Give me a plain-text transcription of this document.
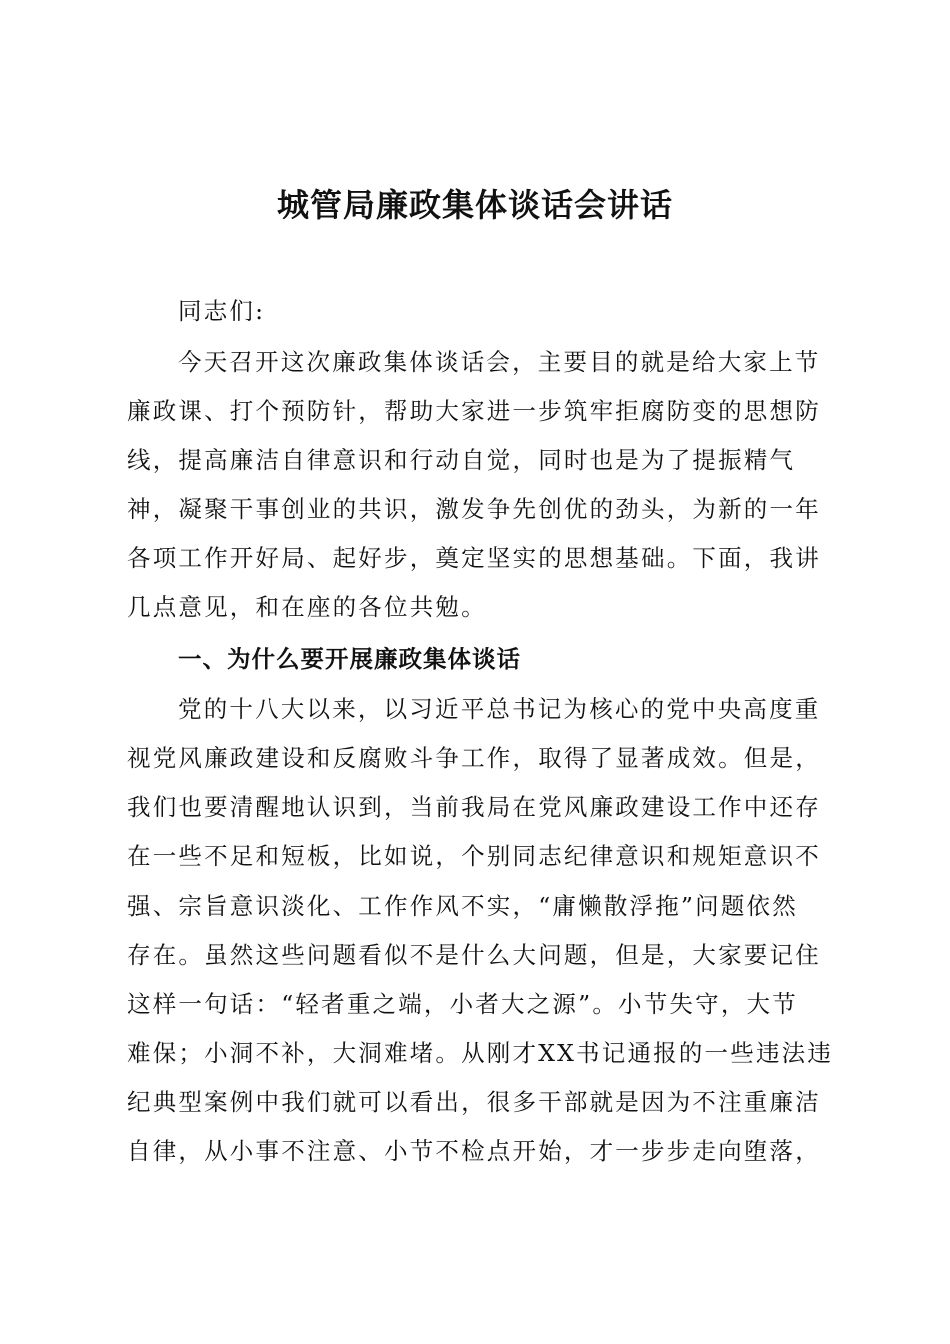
城管局廉政集体谈话会讲话
同志们:
今天召开这次廉政集体谈话会，主要目的就是给大家上节
廉政课、打个预防针，帮助大家进一步筑牢拒腐防变的思想防
线，提高廉洁自律意识和行动自觉，同时也是为了提振精气
神，凝聚干事创业的共识，激发争先创优的劲头，为新的一年
各项工作开好局、起好步，奠定坚实的思想基础。下面，我讲
几点意见，和在座的各位共勉。
一、为什么要开展廉政集体谈话
党的十八大以来，以习近平总书记为核心的党中央高度重
视党风廉政建设和反腐败斗争工作，取得了显著成效。但是，
我们也要清醒地认识到，当前我局在党风廉政建设工作中还存
在一些不足和短板，比如说，个别同志纪律意识和规矩意识不
强、宗旨意识淡化、工作作风不实，“庸懒散浮拖”问题依然
存在。虽然这些问题看似不是什么大问题，但是，大家要记住
这样一句话：“轻者重之端，小者大之源”。小节失守，大节
难保；小洞不补，大洞难堵。从刚才XX书记通报的一些违法违
纪典型案例中我们就可以看出，很多干部就是因为不注重廉洁
自律，从小事不注意、小节不检点开始，才一步步走向堕落，
